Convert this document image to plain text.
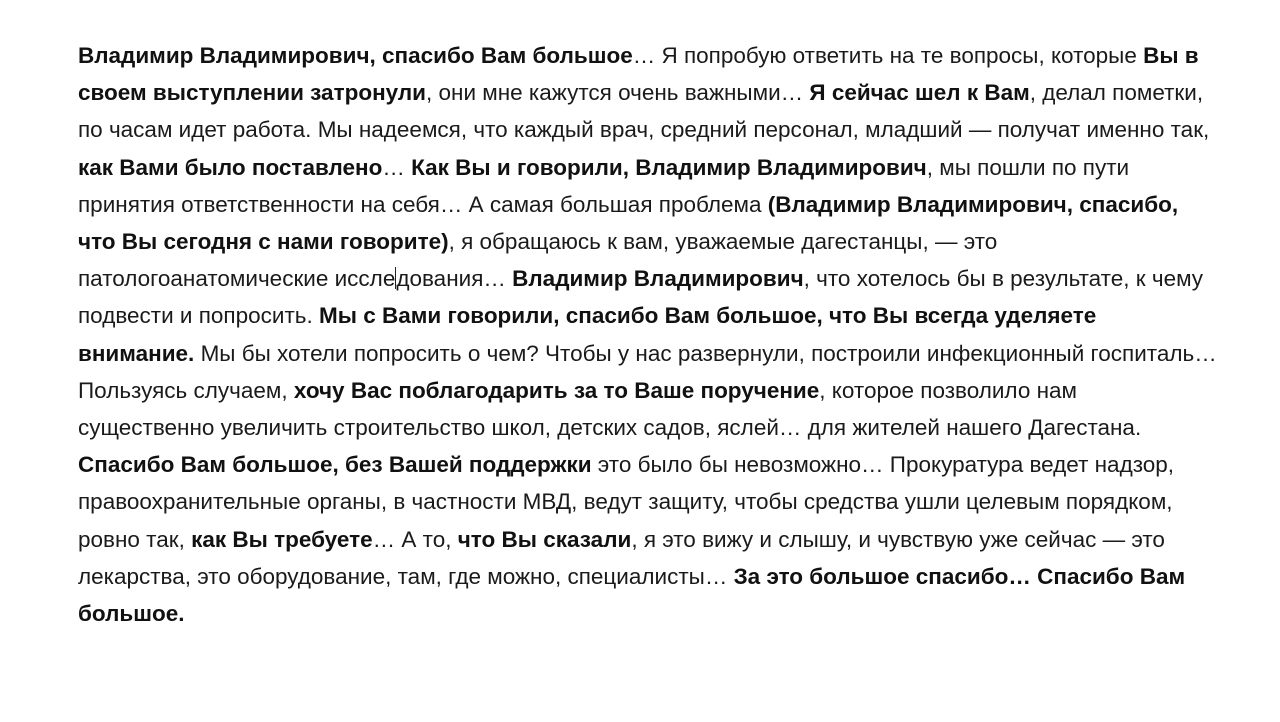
Владимир Владимирович, спасибо Вам большое… Я попробую ответить на те вопросы, которые Вы в своем выступлении затронули, они мне кажутся очень важными… Я сейчас шел к Вам, делал пометки, по часам идет работа. Мы надеемся, что каждый врач, средний персонал, младший — получат именно так, как Вами было поставлено… Как Вы и говорили, Владимир Владимирович, мы пошли по пути принятия ответственности на себя… А самая большая проблема (Владимир Владимирович, спасибо, что Вы сегодня с нами говорите), я обращаюсь к вам, уважаемые дагестанцы, — это патологоанатомические исследования… Владимир Владимирович, что хотелось бы в результате, к чему подвести и попросить. Мы с Вами говорили, спасибо Вам большое, что Вы всегда уделяете внимание. Мы бы хотели попросить о чем? Чтобы у нас развернули, построили инфекционный госпиталь… Пользуясь случаем, хочу Вас поблагодарить за то Ваше поручение, которое позволило нам существенно увеличить строительство школ, детских садов, яслей… для жителей нашего Дагестана. Спасибо Вам большое, без Вашей поддержки это было бы невозможно… Прокуратура ведет надзор, правоохранительные органы, в частности МВД, ведут защиту, чтобы средства ушли целевым порядком, ровно так, как Вы требуете… А то, что Вы сказали, я это вижу и слышу, и чувствую уже сейчас — это лекарства, это оборудование, там, где можно, специалисты… За это большое спасибо… Спасибо Вам большое.
